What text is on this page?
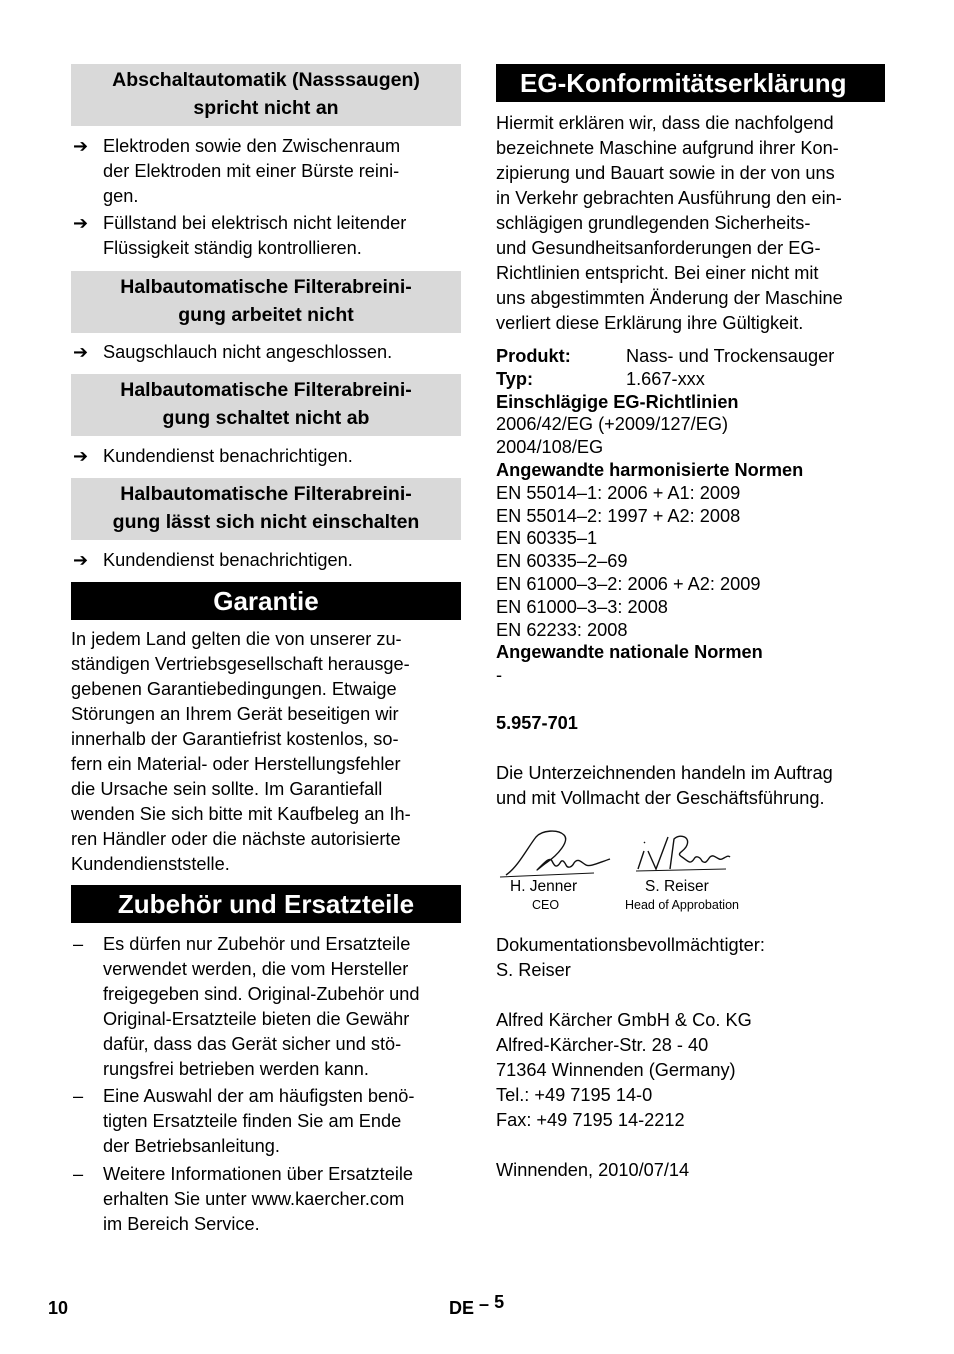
Abschaltautomatik (Nasssaugen)
spricht nicht an
➔ Elektroden sowie den Zwischenraum
der Elektroden mit einer Bürste reini-
gen.
➔ Füllstand bei elektrisch nicht leitender
Flüssigkeit ständig kontrollieren.
Halbautomatische Filterabreini-
gung arbeitet nicht
➔ Saugschlauch nicht angeschlossen.
Halbautomatische Filterabreini-
gung schaltet nicht ab
➔ Kundendienst benachrichtigen.
Halbautomatische Filterabreini-
gung lässt sich nicht einschalten
➔ Kundendienst benachrichtigen.
Garantie
In jedem Land gelten die von unserer zu-
ständigen Vertriebsgesellschaft herausge-
gebenen Garantiebedingungen. Etwaige
Störungen an Ihrem Gerät beseitigen wir
innerhalb der Garantiefrist kostenlos, so-
fern ein Material- oder Herstellungsfehler
die Ursache sein sollte. Im Garantiefall
wenden Sie sich bitte mit Kaufbeleg an Ih-
ren Händler oder die nächste autorisierte
Kundendienststelle.
Zubehör und Ersatzteile
– Es dürfen nur Zubehör und Ersatzteile
verwendet werden, die vom Hersteller
freigegeben sind. Original-Zubehör und
Original-Ersatzteile bieten die Gewähr
dafür, dass das Gerät sicher und stö-
rungsfrei betrieben werden kann.
– Eine Auswahl der am häufigsten benö-
tigten Ersatzteile finden Sie am Ende
der Betriebsanleitung.
– Weitere Informationen über Ersatzteile
erhalten Sie unter www.kaercher.com
im Bereich Service.
EG-Konformitätserklärung
Hiermit erklären wir, dass die nachfolgend
bezeichnete Maschine aufgrund ihrer Kon-
zipierung und Bauart sowie in der von uns
in Verkehr gebrachten Ausführung den ein-
schlägigen grundlegenden Sicherheits-
und Gesundheitsanforderungen der EG-
Richtlinien entspricht. Bei einer nicht mit
uns abgestimmten Änderung der Maschine
verliert diese Erklärung ihre Gültigkeit.
Produkt:	Nass- und Trockensauger
Typ:	1.667-xxx
Einschlägige EG-Richtlinien
2006/42/EG (+2009/127/EG)
2004/108/EG
Angewandte harmonisierte Normen
EN 55014–1: 2006 + A1: 2009
EN 55014–2: 1997 + A2: 2008
EN 60335–1
EN 60335–2–69
EN 61000–3–2: 2006 + A2: 2009
EN 61000–3–3: 2008
EN 62233: 2008
Angewandte nationale Normen
-
5.957-701
Die Unterzeichnenden handeln im Auftrag
und mit Vollmacht der Geschäftsführung.
H. Jenner
CEO
S. Reiser
Head of Approbation
Dokumentationsbevollmächtigter:
S. Reiser
Alfred Kärcher GmbH & Co. KG
Alfred-Kärcher-Str. 28 - 40
71364 Winnenden (Germany)
Tel.: +49 7195 14-0
Fax: +49 7195 14-2212
Winnenden, 2010/07/14
10	DE – 5
